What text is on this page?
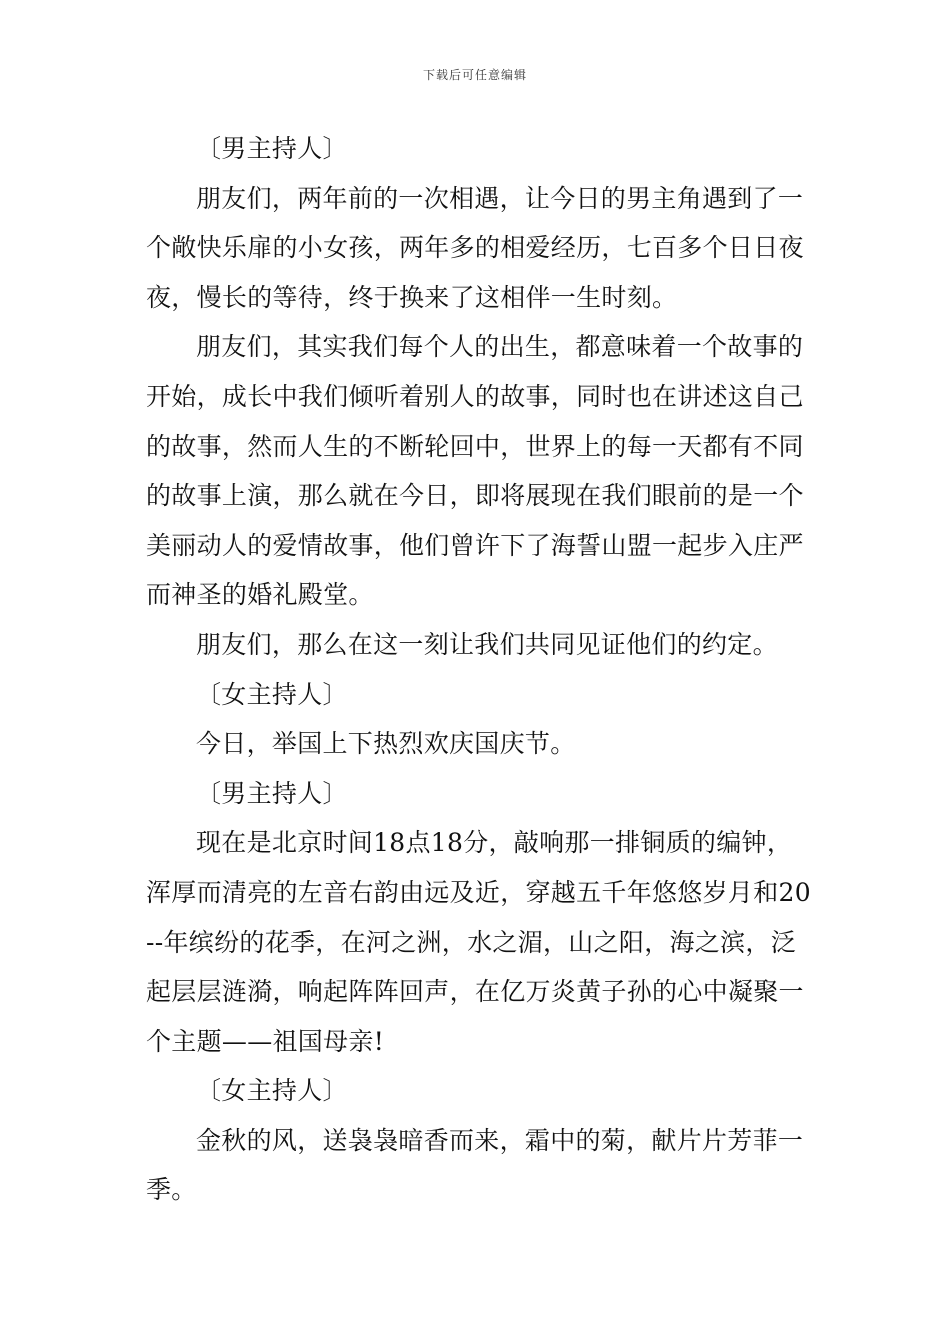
下载后可任意编辑

〔男主持人〕

朋友们，两年前的一次相遇，让今日的男主角遇到了一个敞快乐扉的小女孩，两年多的相爱经历，七百多个日日夜夜，慢长的等待，终于换来了这相伴一生时刻。

朋友们，其实我们每个人的出生，都意味着一个故事的开始，成长中我们倾听着别人的故事，同时也在讲述这自己的故事，然而人生的不断轮回中，世界上的每一天都有不同的故事上演，那么就在今日，即将展现在我们眼前的是一个美丽动人的爱情故事，他们曾许下了海誓山盟一起步入庄严而神圣的婚礼殿堂。

朋友们，那么在这一刻让我们共同见证他们的约定。

〔女主持人〕

今日，举国上下热烈欢庆国庆节。

〔男主持人〕

现在是北京时间18点18分，敲响那一排铜质的编钟，浑厚而清亮的左音右韵由远及近，穿越五千年悠悠岁月和20--年缤纷的花季，在河之洲，水之湄，山之阳，海之滨，泛起层层涟漪，响起阵阵回声，在亿万炎黄子孙的心中凝聚一个主题——祖国母亲!

〔女主持人〕

金秋的风，送袅袅暗香而来，霜中的菊，献片片芳菲一季。
